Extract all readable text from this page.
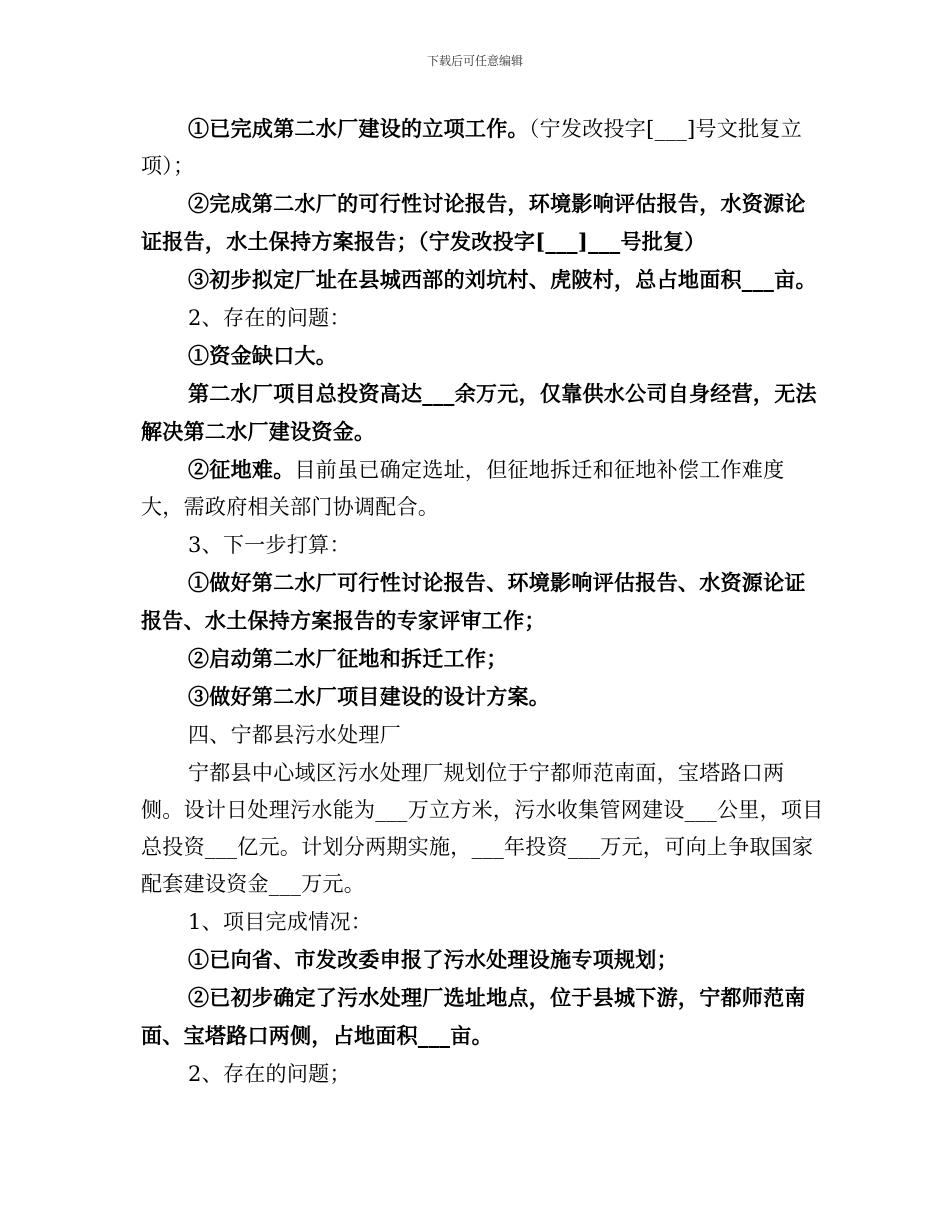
下载后可任意编辑

①已完成第二水厂建设的立项工作。（宁发改投字[___]号文批复立项）；

②完成第二水厂的可行性讨论报告，环境影响评估报告，水资源论证报告，水土保持方案报告；（宁发改投字[___]___号批复）

③初步拟定厂址在县城西部的刘坑村、虎陂村，总占地面积___亩。

2、存在的问题：

①资金缺口大。

第二水厂项目总投资高达___余万元，仅靠供水公司自身经营，无法解决第二水厂建设资金。

②征地难。目前虽已确定选址，但征地拆迁和征地补偿工作难度大，需政府相关部门协调配合。

3、下一步打算：

①做好第二水厂可行性讨论报告、环境影响评估报告、水资源论证报告、水土保持方案报告的专家评审工作；

②启动第二水厂征地和拆迁工作；

③做好第二水厂项目建设的设计方案。

四、宁都县污水处理厂

宁都县中心域区污水处理厂规划位于宁都师范南面，宝塔路口两侧。设计日处理污水能为___万立方米，污水收集管网建设___公里，项目总投资___亿元。计划分两期实施，___年投资___万元，可向上争取国家配套建设资金___万元。

1、项目完成情况：

①已向省、市发改委申报了污水处理设施专项规划；

②已初步确定了污水处理厂选址地点，位于县城下游，宁都师范南面、宝塔路口两侧，占地面积___亩。

2、存在的问题；
